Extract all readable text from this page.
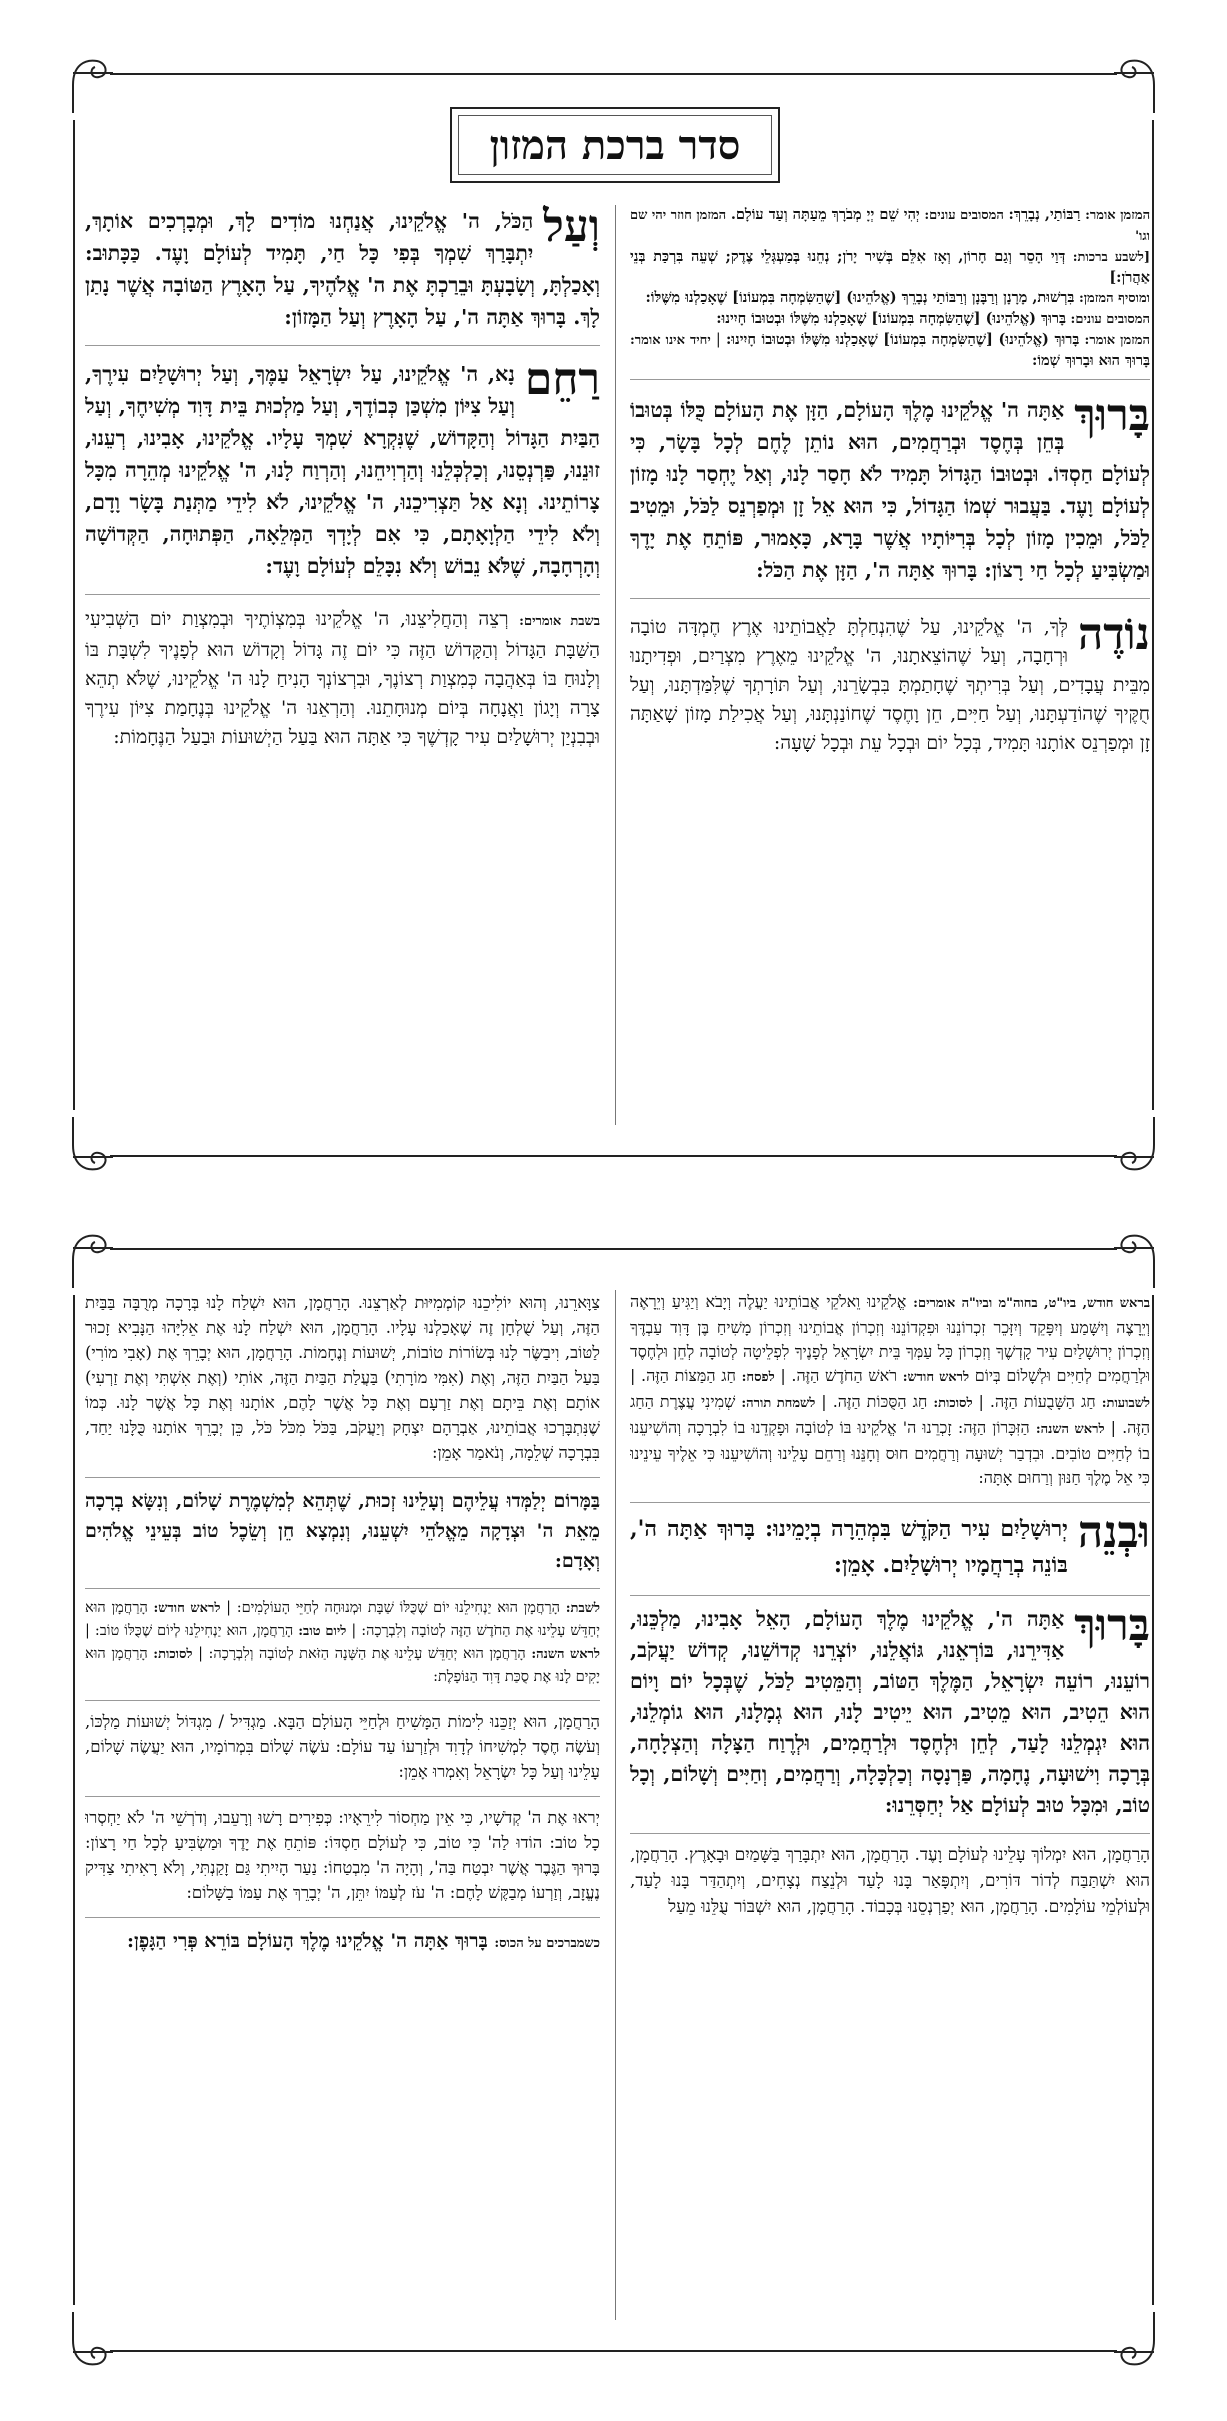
סדר ברכת המזון
המזמן אומר: רַבּוֹתַי, נְבָרֵךְ: המסובים עונים: יְהִי שֵׁם יְיָ מְבֹרָךְ מֵעַתָּה וְעַד עוֹלָם. המזמן חוזר יהי שם וגו'
[לשבע ברכות: דְּוַי הָסֵר וְגַם חָרוֹן, וְאָז אִלֵּם בְּשִׁיר יָרֹן; נְחֵנוּ בְּמַעְגְּלֵי צֶדֶק; שְׁעֵה בִּרְכַּת בְּנֵי אַהֲרֹן:]
ומוסיף המזמן: בִּרְשׁוּת, מָרָנָן וְרַבָּנָן וְרַבּוֹתַי נְבָרֵךְ (אֱלֹהֵינוּ) [שֶׁהַשִּׂמְחָה בִּמְעוֹנוֹ] שֶׁאָכַלְנוּ מִשֶּׁלּוֹ:
המסובים עונים: בָּרוּךְ (אֱלֹהֵינוּ) [שֶׁהַשִּׂמְחָה בִּמְעוֹנוֹ] שֶׁאָכַלְנוּ מִשֶּׁלּוֹ וּבְטוּבוֹ חָיִינוּ:
המזמן אומר: בָּרוּךְ (אֱלֹהֵינוּ) [שֶׁהַשִּׂמְחָה בִּמְעוֹנוֹ] שֶׁאָכַלְנוּ מִשֶּׁלּוֹ וּבְטוּבוֹ חָיִינוּ: | יחיד אינו אומר: בָּרוּךְ הוּא וּבָרוּךְ שְׁמוֹ:

בָּרוּךְ
אַתָּה ה' אֱלֹקֵינוּ מֶלֶךְ הָעוֹלָם, הַזָּן אֶת הָעוֹלָם כֻּלּוֹ בְּטוּבוֹ בְּחֵן בְּחֶסֶד וּבְרַחֲמִים, הוּא נוֹתֵן לֶחֶם לְכָל בָּשָׂר, כִּי לְעוֹלָם חַסְדּוֹ. וּבְטוּבוֹ הַגָּדוֹל תָּמִיד לֹא חָסַר לָנוּ, וְאַל יֶחְסַר לָנוּ מָזוֹן לְעוֹלָם וָעֶד. בַּעֲבוּר שְׁמוֹ הַגָּדוֹל, כִּי הוּא אֵל זָן וּמְפַרְנֵס לַכֹּל, וּמֵטִיב לַכֹּל, וּמֵכִין מָזוֹן לְכָל בְּרִיּוֹתָיו אֲשֶׁר בָּרָא, כָּאָמוּר, פּוֹתֵחַ אֶת יָדֶךָ וּמַשְׂבִּיעַ לְכָל חַי רָצוֹן: בָּרוּךְ אַתָּה ה', הַזָּן אֶת הַכֹּל:

נוֹדֶה
לְּךָ, ה' אֱלֹקֵינוּ, עַל שֶׁהִנְחַלְתָּ לַאֲבוֹתֵינוּ אֶרֶץ חֶמְדָּה טוֹבָה וּרְחָבָה, וְעַל שֶׁהוֹצֵאתָנוּ, ה' אֱלֹקֵינוּ מֵאֶרֶץ מִצְרַיִם, וּפְדִיתָנוּ מִבֵּית עֲבָדִים, וְעַל בְּרִיתְךָ שֶׁחָתַמְתָּ בִּבְשָׂרֵנוּ, וְעַל תּוֹרָתְךָ שֶׁלִּמַּדְתָּנוּ, וְעַל חֻקֶּיךָ שֶׁהוֹדַעְתָּנוּ, וְעַל חַיִּים, חֵן וָחֶסֶד שֶׁחוֹנַנְתָּנוּ, וְעַל אֲכִילַת מָזוֹן שָׁאַתָּה זָן וּמְפַרְנֵס אוֹתָנוּ תָּמִיד, בְּכָל יוֹם וּבְכָל עֵת וּבְכָל שָׁעָה:

וְעַל
הַכֹּל, ה' אֱלֹקֵינוּ, אֲנַחְנוּ מוֹדִים לָךְ, וּמְבָרְכִים אוֹתָךְ, יִתְבָּרַךְ שִׁמְךָ בְּפִי כָּל חַי, תָּמִיד לְעוֹלָם וָעֶד. כַּכָּתוּב: וְאָכַלְתָּ, וְשָׂבָעְתָּ וּבֵרַכְתָּ אֶת ה' אֱלֹהֶיךָ, עַל הָאָרֶץ הַטּוֹבָה אֲשֶׁר נָתַן לָךְ. בָּרוּךְ אַתָּה ה', עַל הָאָרֶץ וְעַל הַמָּזוֹן:

רַחֵם
נָא, ה' אֱלֹקֵינוּ, עַל יִשְׂרָאֵל עַמֶּךָ, וְעַל יְרוּשָׁלַיִם עִירֶךָ, וְעַל צִיּוֹן מִשְׁכַּן כְּבוֹדֶךָ, וְעַל מַלְכוּת בֵּית דָּוִד מְשִׁיחֶךָ, וְעַל הַבַּיִת הַגָּדוֹל וְהַקָּדוֹשׁ, שֶׁנִּקְרָא שִׁמְךָ עָלָיו. אֱלֹקֵינוּ, אָבִינוּ, רְעֵנוּ, זוּנֵנוּ, פַּרְנְסֵנוּ, וְכַלְכְּלֵנוּ וְהַרְוִיחֵנוּ, וְהַרְוַח לָנוּ, ה' אֱלֹקֵינוּ מְהֵרָה מִכָּל צָרוֹתֵינוּ. וְנָא אַל תַּצְרִיכֵנוּ, ה' אֱלֹקֵינוּ, לֹא לִידֵי מַתְּנַת בָּשָׂר וָדָם, וְלֹא לִידֵי הַלְוָאָתָם, כִּי אִם לְיָדְךָ הַמְּלֵאָה, הַפְּתוּחָה, הַקְּדוֹשָׁה וְהָרְחָבָה, שֶׁלֹּא נֵבוֹשׁ וְלֹא נִכָּלֵם לְעוֹלָם וָעֶד:

בשבת אומרים: רְצֵה וְהַחֲלִיצֵנוּ, ה' אֱלֹקֵינוּ בְּמִצְוֹתֶיךָ וּבְמִצְוַת יוֹם הַשְּׁבִיעִי הַשַּׁבָּת הַגָּדוֹל וְהַקָּדוֹשׁ הַזֶּה כִּי יוֹם זֶה גָּדוֹל וְקָדוֹשׁ הוּא לְפָנֶיךָ לִשְׁבָּת בּוֹ וְלָנוּחַ בּוֹ בְּאַהֲבָה כְּמִצְוַת רְצוֹנֶךָ, וּבִרְצוֹנְךָ הָנִיחַ לָנוּ ה' אֱלֹקֵינוּ, שֶׁלֹּא תְהֵא צָרָה וְיָגוֹן וַאֲנָחָה בְּיוֹם מְנוּחָתֵנוּ. וְהַרְאֵנוּ ה' אֱלֹקֵינוּ בְּנֶחָמַת צִיּוֹן עִירֶךָ וּבְבִנְיַן יְרוּשָׁלַיִם עִיר קָדְשֶׁךָ כִּי אַתָּה הוּא בַּעַל הַיְשׁוּעוֹת וּבַעַל הַנֶּחָמוֹת:

בראש חודש, ביו"ט, בחוה"מ וביו"ה אומרים: אֱלֹקֵינוּ וֵאלֹקֵי אֲבוֹתֵינוּ יַעֲלֶה וְיָבֹא וְיַגִּיעַ וְיֵרָאֶה וְיֵרָצֶה וְיִשָּׁמַע וְיִפָּקֵד וְיִזָּכֵר זִכְרוֹנֵנוּ וּפִקְדוֹנֵנוּ וְזִכְרוֹן אֲבוֹתֵינוּ וְזִכְרוֹן מָשִׁיחַ בֶּן דָּוִד עַבְדֶּךָ וְזִכְרוֹן יְרוּשָׁלַיִם עִיר קָדְשֶׁךָ וְזִכְרוֹן כָּל עַמְּךָ בֵּית יִשְׂרָאֵל לְפָנֶיךָ לִפְלֵיטָה לְטוֹבָה לְחֵן וּלְחֶסֶד וּלְרַחֲמִים לְחַיִּים וּלְשָׁלוֹם בְּיוֹם לראש חודש: רֹאשׁ הַחֹדֶשׁ הַזֶּה. | לפסח: חַג הַמַּצּוֹת הַזֶּה. | לשבועות: חַג הַשָּׁבֻעוֹת הַזֶּה. | לסוכות: חַג הַסֻּכּוֹת הַזֶּה. | לשמחת תורה: שְׁמִינִי עֲצֶרֶת הַחַג הַזֶּה. | לראש השנה: הַזִּכָּרוֹן הַזֶּה: זָכְרֵנוּ ה' אֱלֹקֵינוּ בּוֹ לְטוֹבָה וּפָקְדֵנוּ בוֹ לִבְרָכָה וְהוֹשִׁיעֵנוּ בוֹ לְחַיִּים טוֹבִים. וּבִדְבַר יְשׁוּעָה וְרַחֲמִים חוּס וְחָנֵּנוּ וְרַחֵם עָלֵינוּ וְהוֹשִׁיעֵנוּ כִּי אֵלֶיךָ עֵינֵינוּ כִּי אֵל מֶלֶךְ חַנּוּן וְרַחוּם אָתָּה:

וּבְנֵה
יְרוּשָׁלַיִם עִיר הַקֹּדֶשׁ בִּמְהֵרָה בְיָמֵינוּ: בָּרוּךְ אַתָּה ה', בּוֹנֵה בְרַחֲמָיו יְרוּשָׁלַיִם. אָמֵן:

בָּרוּךְ
אַתָּה ה', אֱלֹקֵינוּ מֶלֶךְ הָעוֹלָם, הָאֵל אָבִינוּ, מַלְכֵּנוּ, אַדִּירֵנוּ, בּוֹרְאֵנוּ, גּוֹאֲלֵנוּ, יוֹצְרֵנוּ קְדוֹשֵׁנוּ, קְדוֹשׁ יַעֲקֹב, רוֹעֵנוּ, רוֹעֵה יִשְׂרָאֵל, הַמֶּלֶךְ הַטּוֹב, וְהַמֵּטִיב לַכֹּל, שֶׁבְּכָל יוֹם וָיוֹם הוּא הֵטִיב, הוּא מֵטִיב, הוּא יֵיטִיב לָנוּ, הוּא גְמָלָנוּ, הוּא גוֹמְלֵנוּ, הוּא יִגְמְלֵנוּ לָעַד, לְחֵן וּלְחֶסֶד וּלְרַחֲמִים, וּלְרֶוַח הַצָּלָה וְהַצְלָחָה, בְּרָכָה וִישׁוּעָה, נֶחָמָה, פַּרְנָסָה וְכַלְכָּלָה, וְרַחֲמִים, וְחַיִּים וְשָׁלוֹם, וְכָל טוֹב, וּמִכָּל טוּב לְעוֹלָם אַל יְחַסְּרֵנוּ:

הָרַחֲמָן, הוּא יִמְלוֹךְ עָלֵינוּ לְעוֹלָם וָעֶד. הָרַחֲמָן, הוּא יִתְבָּרַךְ בַּשָּׁמַיִם וּבָאָרֶץ. הָרַחֲמָן, הוּא יִשְׁתַּבַּח לְדוֹר דּוֹרִים, וְיִתְפָּאַר בָּנוּ לָעַד וּלְנֵצַח נְצָחִים, וְיִתְהַדַּר בָּנוּ לָעַד, וּלְעוֹלְמֵי עוֹלָמִים. הָרַחֲמָן, הוּא יְפַרְנְסֵנוּ בְּכָבוֹד. הָרַחֲמָן, הוּא יִשְׁבּוֹר עֻלֵּנוּ מֵעַל

צַוָּארֵנוּ, וְהוּא יוֹלִיכֵנוּ קוֹמְמִיּוּת לְאַרְצֵנוּ. הָרַחֲמָן, הוּא יִשְׁלַח לָנוּ בְּרָכָה מְרֻבָּה בַּבַּיִת הַזֶּה, וְעַל שֻׁלְחָן זֶה שֶׁאָכַלְנוּ עָלָיו. הָרַחֲמָן, הוּא יִשְׁלַח לָנוּ אֶת אֵלִיָּהוּ הַנָּבִיא זָכוּר לַטּוֹב, וִיבַשֶּׂר לָנוּ בְּשׂוֹרוֹת טוֹבוֹת, יְשׁוּעוֹת וְנֶחָמוֹת. הָרַחֲמָן, הוּא יְבָרֵךְ אֶת (אָבִי מוֹרִי) בַּעַל הַבַּיִת הַזֶּה, וְאֶת (אִמִּי מוֹרָתִי) בַּעֲלַת הַבַּיִת הַזֶּה, אוֹתִי (וְאֶת אִשְׁתִּי וְאֶת זַרְעִי) אוֹתָם וְאֶת בֵּיתָם וְאֶת זַרְעָם וְאֶת כָּל אֲשֶׁר לָהֶם, אוֹתָנוּ וְאֶת כָּל אֲשֶׁר לָנוּ. כְּמוֹ שֶׁנִּתְבָּרְכוּ אֲבוֹתֵינוּ, אַבְרָהָם יִצְחָק וְיַעֲקֹב, בַּכֹּל מִכֹּל כֹּל, כֵּן יְבָרֵךְ אוֹתָנוּ כֻּלָּנוּ יַחַד, בִּבְרָכָה שְׁלֵמָה, וְנֹאמַר אָמֵן:

בַּמָּרוֹם יְלַמְּדוּ עֲלֵיהֶם וְעָלֵינוּ זְכוּת, שֶׁתְּהֵא לְמִשְׁמֶרֶת שָׁלוֹם, וְנִשָּׂא בְרָכָה מֵאֵת ה' וּצְדָקָה מֵאֱלֹהֵי יִשְׁעֵנוּ, וְנִמְצָא חֵן וְשֵׂכֶל טוֹב בְּעֵינֵי אֱלֹהִים וְאָדָם:

לשבת: הָרַחֲמָן הוּא יַנְחִילֵנוּ יוֹם שֶׁכֻּלּוֹ שַׁבָּת וּמְנוּחָה לְחַיֵּי הָעוֹלָמִים: | לראש חודש: הָרַחֲמָן הוּא יְחַדֵּשׁ עָלֵינוּ אֶת הַחֹדֶשׁ הַזֶּה לְטוֹבָה וְלִבְרָכָה: | ליום טוב: הָרַחֲמָן, הוּא יַנְחִילֵנוּ לְיוֹם שֶׁכֻּלּוֹ טוֹב: | לראש השנה: הָרַחֲמָן הוּא יְחַדֵּשׁ עָלֵינוּ אֶת הַשָּׁנָה הַזֹּאת לְטוֹבָה וְלִבְרָכָה: | לסוכות: הָרַחֲמָן הוּא יָקִים לָנוּ אֶת סֻכַּת דָּוִד הַנּוֹפָלֶת:

הָרַחֲמָן, הוּא יְזַכֵּנוּ לִימוֹת הַמָּשִׁיחַ וּלְחַיֵּי הָעוֹלָם הַבָּא. מַגְדִּיל / מִגְדּוֹל יְשׁוּעוֹת מַלְכּוֹ, וְעֹשֶׂה חֶסֶד לִמְשִׁיחוֹ לְדָוִד וּלְזַרְעוֹ עַד עוֹלָם: עֹשֶׂה שָׁלוֹם בִּמְרוֹמָיו, הוּא יַעֲשֶׂה שָׁלוֹם, עָלֵינוּ וְעַל כָּל יִשְׂרָאֵל וְאִמְרוּ אָמֵן:

יְראוּ אֶת ה' קְדֹשָׁיו, כִּי אֵין מַחְסוֹר לִירֵאָיו: כְּפִירִים רָשׁוּ וְרָעֵבוּ, וְדֹרְשֵׁי ה' לֹא יַחְסְרוּ כָל טוֹב: הוֹדוּ לַה' כִּי טוֹב, כִּי לְעוֹלָם חַסְדּוֹ: פּוֹתֵחַ אֶת יָדֶךָ וּמַשְׂבִּיעַ לְכָל חַי רָצוֹן: בָּרוּךְ הַגֶּבֶר אֲשֶׁר יִבְטַח בַּה', וְהָיָה ה' מִבְטַחוֹ: נַעַר הָיִיתִי גַּם זָקַנְתִּי, וְלֹא רָאִיתִי צַדִּיק נֶעֱזָב, וְזַרְעוֹ מְבַקֶּשׁ לָחֶם: ה' עֹז לְעַמּוֹ יִתֵּן, ה' יְבָרֵךְ אֶת עַמּוֹ בַשָּׁלוֹם:

כשמברכים על הכוס: בָּרוּךְ אַתָּה ה' אֱלֹקֵינוּ מֶלֶךְ הָעוֹלָם בּוֹרֵא פְּרִי הַגָּפֶן:
